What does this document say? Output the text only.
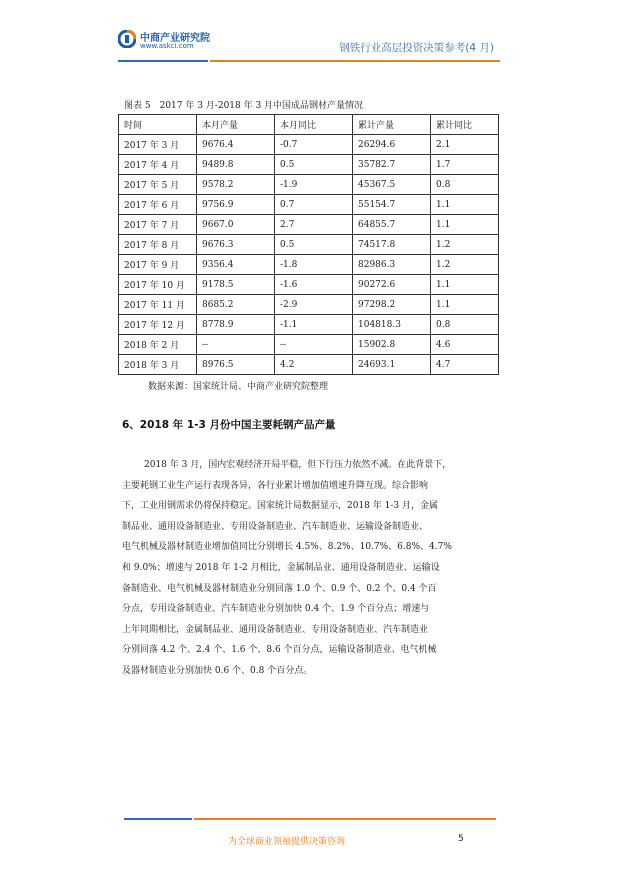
中商产业研究院
www.askci.com	钢铁行业高层投资决策参考(4 月)
图表 5　2017 年 3 月-2018 年 3 月中国成品钢材产量情况
时间	本月产量	本月同比	累计产量	累计同比
2017 年 3 月	9676.4	-0.7	26294.6	2.1
2017 年 4 月	9489.8	0.5	35782.7	1.7
2017 年 5 月	9578.2	-1.9	45367.5	0.8
2017 年 6 月	9756.9	0.7	55154.7	1.1
2017 年 7 月	9667.0	2.7	64855.7	1.1
2017 年 8 月	9676.3	0.5	74517.8	1.2
2017 年 9 月	9356.4	-1.8	82986.3	1.2
2017 年 10 月	9178.5	-1.6	90272.6	1.1
2017 年 11 月	8685.2	-2.9	97298.2	1.1
2017 年 12 月	8778.9	-1.1	104818.3	0.8
2018 年 2 月	--	--	15902.8	4.6
2018 年 3 月	8976.5	4.2	24693.1	4.7
数据来源：国家统计局、中商产业研究院整理
6、2018 年 1-3 月份中国主要耗钢产品产量
2018 年 3 月，国内宏观经济开局平稳，但下行压力依然不减。在此背景下，
主要耗钢工业生产运行表现各异，各行业累计增加值增速升降互现。综合影响
下，工业用钢需求仍将保持稳定。国家统计局数据显示，2018 年 1-3 月，金属
制品业、通用设备制造业、专用设备制造业、汽车制造业、运输设备制造业、
电气机械及器材制造业增加值同比分别增长 4.5%、8.2%、10.7%、6.8%、4.7%
和 9.0%；增速与 2018 年 1-2 月相比，金属制品业、通用设备制造业、运输设
备制造业、电气机械及器材制造业分别回落 1.0 个、0.9 个、0.2 个、0.4 个百
分点，专用设备制造业、汽车制造业分别加快 0.4 个、1.9 个百分点；增速与
上年同期相比，金属制品业、通用设备制造业、专用设备制造业、汽车制造业
分别回落 4.2 个、2.4 个、1.6 个、8.6 个百分点，运输设备制造业、电气机械
及器材制造业分别加快 0.6 个、0.8 个百分点。
为全球商业领袖提供决策咨询	5
